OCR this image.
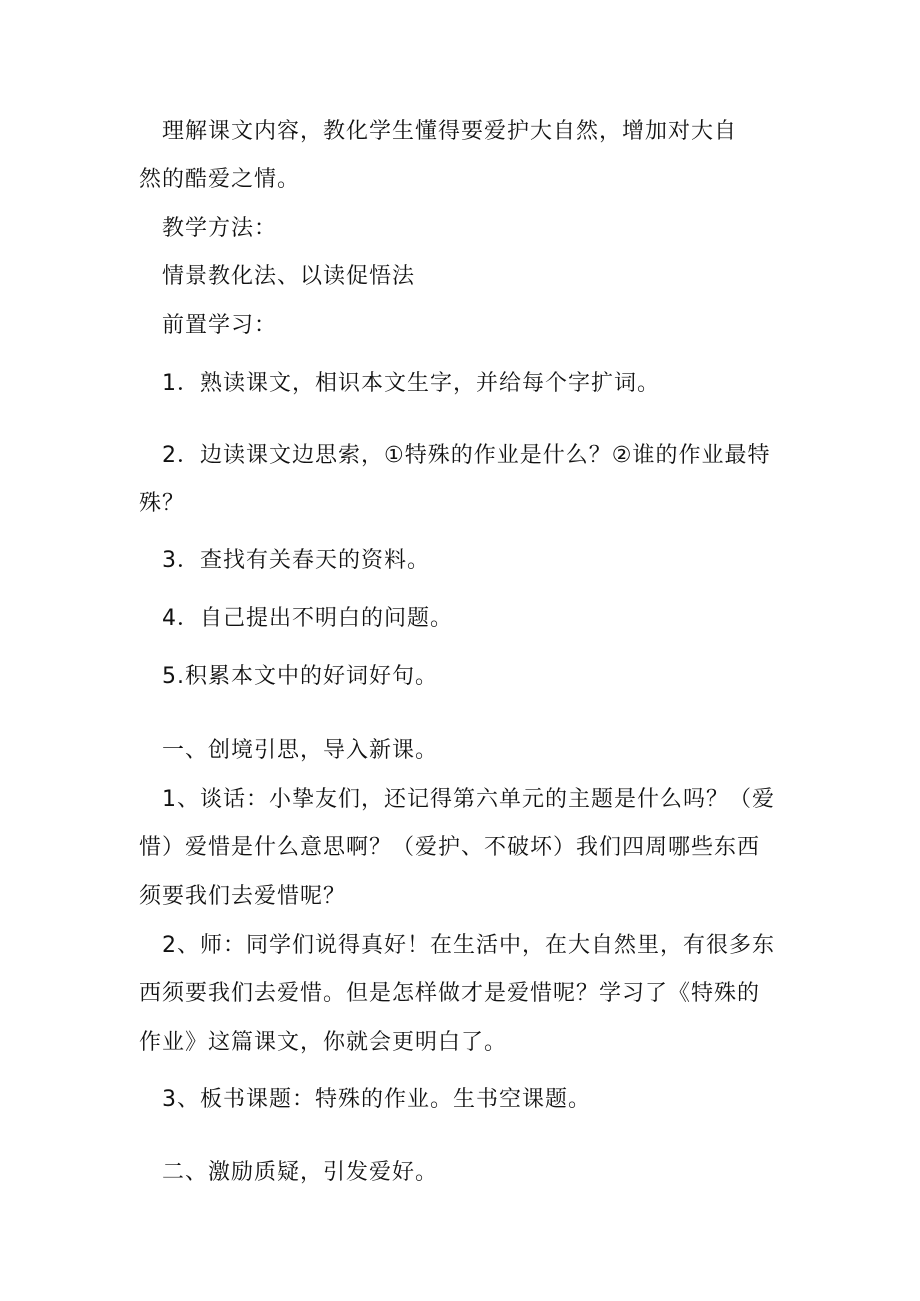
理解课文内容，教化学生懂得要爱护大自然，增加对大自
然的酷爱之情。
教学方法：
情景教化法、以读促悟法
前置学习：
1．熟读课文，相识本文生字，并给每个字扩词。
2．边读课文边思索，①特殊的作业是什么？②谁的作业最特
殊？
3．查找有关春天的资料。
4．自己提出不明白的问题。
5.积累本文中的好词好句。
一、创境引思，导入新课。
1、谈话：小挚友们，还记得第六单元的主题是什么吗？（爱
惜）爱惜是什么意思啊？（爱护、不破坏）我们四周哪些东西
须要我们去爱惜呢？
2、师：同学们说得真好！在生活中，在大自然里，有很多东
西须要我们去爱惜。但是怎样做才是爱惜呢？学习了《特殊的
作业》这篇课文，你就会更明白了。
3、板书课题：特殊的作业。生书空课题。
二、激励质疑，引发爱好。
